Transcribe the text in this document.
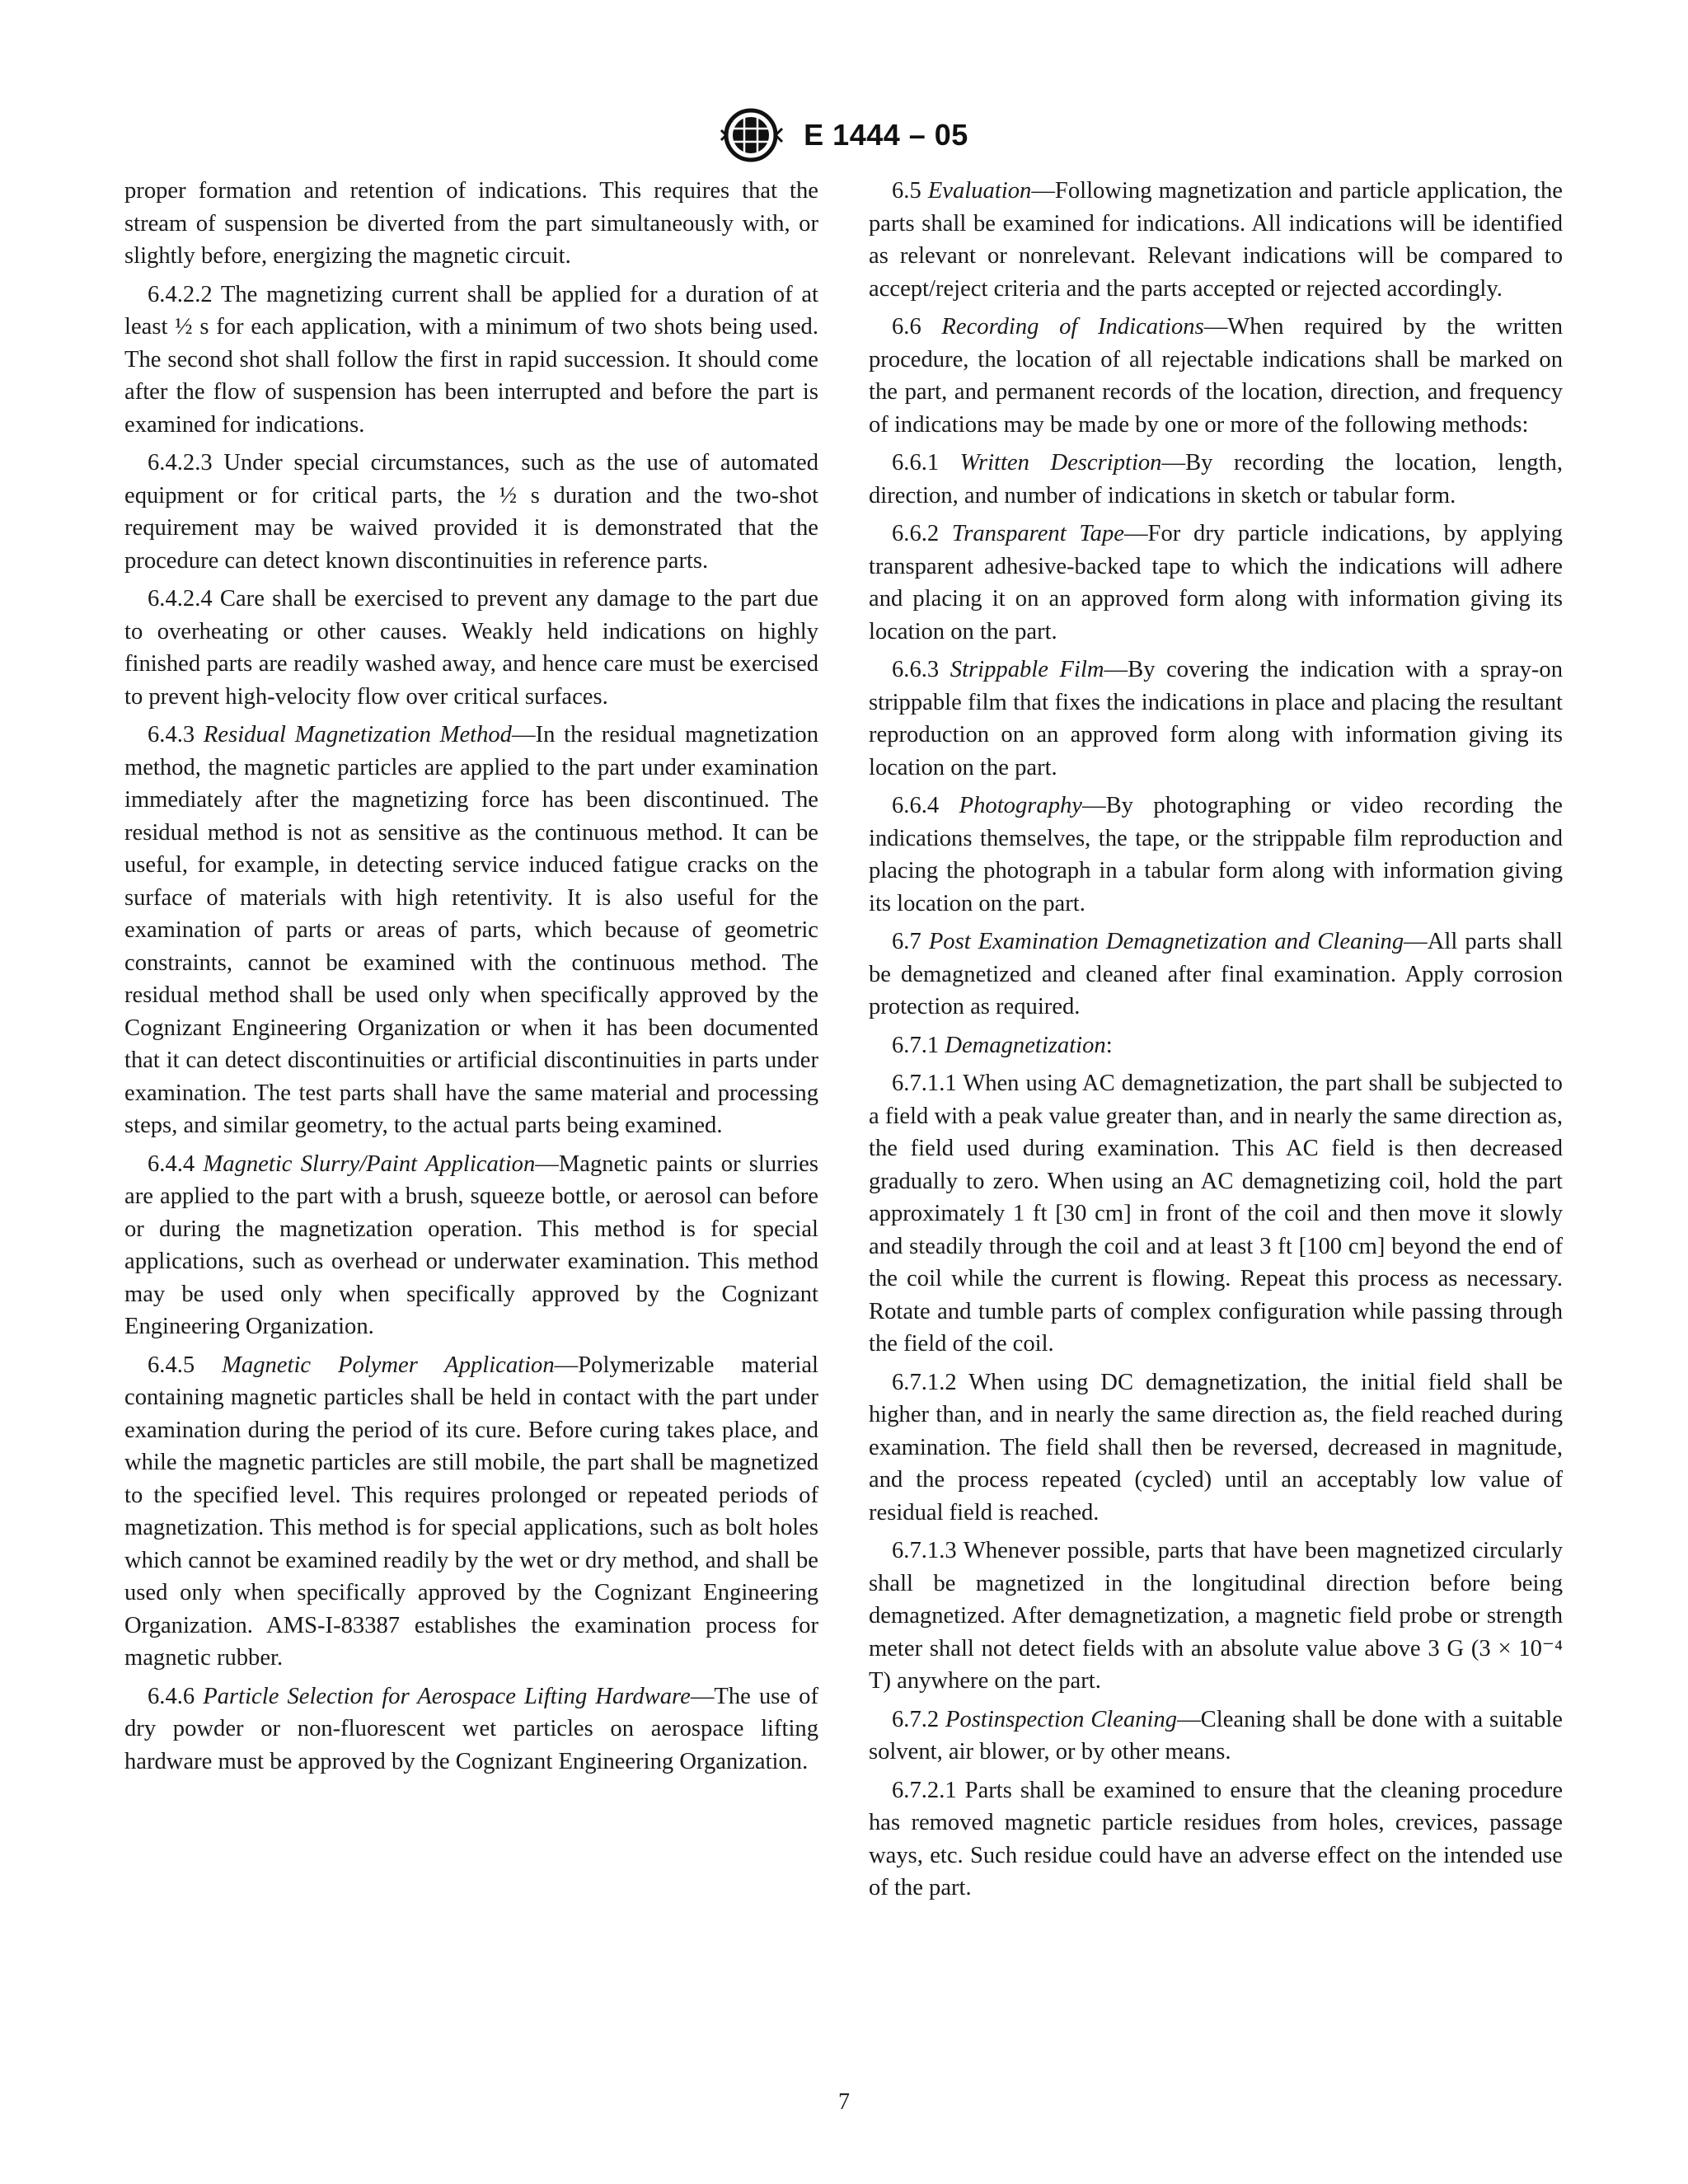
E 1444 – 05

proper formation and retention of indications. This requires that the stream of suspension be diverted from the part simultaneously with, or slightly before, energizing the magnetic circuit.

6.4.2.2 The magnetizing current shall be applied for a duration of at least ½ s for each application, with a minimum of two shots being used. The second shot shall follow the first in rapid succession. It should come after the flow of suspension has been interrupted and before the part is examined for indications.

6.4.2.3 Under special circumstances, such as the use of automated equipment or for critical parts, the ½ s duration and the two-shot requirement may be waived provided it is demonstrated that the procedure can detect known discontinuities in reference parts.

6.4.2.4 Care shall be exercised to prevent any damage to the part due to overheating or other causes. Weakly held indications on highly finished parts are readily washed away, and hence care must be exercised to prevent high-velocity flow over critical surfaces.

6.4.3 Residual Magnetization Method—In the residual magnetization method, the magnetic particles are applied to the part under examination immediately after the magnetizing force has been discontinued. The residual method is not as sensitive as the continuous method. It can be useful, for example, in detecting service induced fatigue cracks on the surface of materials with high retentivity. It is also useful for the examination of parts or areas of parts, which because of geometric constraints, cannot be examined with the continuous method. The residual method shall be used only when specifically approved by the Cognizant Engineering Organization or when it has been documented that it can detect discontinuities or artificial discontinuities in parts under examination. The test parts shall have the same material and processing steps, and similar geometry, to the actual parts being examined.

6.4.4 Magnetic Slurry/Paint Application—Magnetic paints or slurries are applied to the part with a brush, squeeze bottle, or aerosol can before or during the magnetization operation. This method is for special applications, such as overhead or underwater examination. This method may be used only when specifically approved by the Cognizant Engineering Organization.

6.4.5 Magnetic Polymer Application—Polymerizable material containing magnetic particles shall be held in contact with the part under examination during the period of its cure. Before curing takes place, and while the magnetic particles are still mobile, the part shall be magnetized to the specified level. This requires prolonged or repeated periods of magnetization. This method is for special applications, such as bolt holes which cannot be examined readily by the wet or dry method, and shall be used only when specifically approved by the Cognizant Engineering Organization. AMS-I-83387 establishes the examination process for magnetic rubber.

6.4.6 Particle Selection for Aerospace Lifting Hardware—The use of dry powder or non-fluorescent wet particles on aerospace lifting hardware must be approved by the Cognizant Engineering Organization.

6.5 Evaluation—Following magnetization and particle application, the parts shall be examined for indications. All indications will be identified as relevant or nonrelevant. Relevant indications will be compared to accept/reject criteria and the parts accepted or rejected accordingly.

6.6 Recording of Indications—When required by the written procedure, the location of all rejectable indications shall be marked on the part, and permanent records of the location, direction, and frequency of indications may be made by one or more of the following methods:

6.6.1 Written Description—By recording the location, length, direction, and number of indications in sketch or tabular form.

6.6.2 Transparent Tape—For dry particle indications, by applying transparent adhesive-backed tape to which the indications will adhere and placing it on an approved form along with information giving its location on the part.

6.6.3 Strippable Film—By covering the indication with a spray-on strippable film that fixes the indications in place and placing the resultant reproduction on an approved form along with information giving its location on the part.

6.6.4 Photography—By photographing or video recording the indications themselves, the tape, or the strippable film reproduction and placing the photograph in a tabular form along with information giving its location on the part.

6.7 Post Examination Demagnetization and Cleaning—All parts shall be demagnetized and cleaned after final examination. Apply corrosion protection as required.

6.7.1 Demagnetization:

6.7.1.1 When using AC demagnetization, the part shall be subjected to a field with a peak value greater than, and in nearly the same direction as, the field used during examination. This AC field is then decreased gradually to zero. When using an AC demagnetizing coil, hold the part approximately 1 ft [30 cm] in front of the coil and then move it slowly and steadily through the coil and at least 3 ft [100 cm] beyond the end of the coil while the current is flowing. Repeat this process as necessary. Rotate and tumble parts of complex configuration while passing through the field of the coil.

6.7.1.2 When using DC demagnetization, the initial field shall be higher than, and in nearly the same direction as, the field reached during examination. The field shall then be reversed, decreased in magnitude, and the process repeated (cycled) until an acceptably low value of residual field is reached.

6.7.1.3 Whenever possible, parts that have been magnetized circularly shall be magnetized in the longitudinal direction before being demagnetized. After demagnetization, a magnetic field probe or strength meter shall not detect fields with an absolute value above 3 G (3 × 10⁻⁴ T) anywhere on the part.

6.7.2 Postinspection Cleaning—Cleaning shall be done with a suitable solvent, air blower, or by other means.

6.7.2.1 Parts shall be examined to ensure that the cleaning procedure has removed magnetic particle residues from holes, crevices, passage ways, etc. Such residue could have an adverse effect on the intended use of the part.

7
